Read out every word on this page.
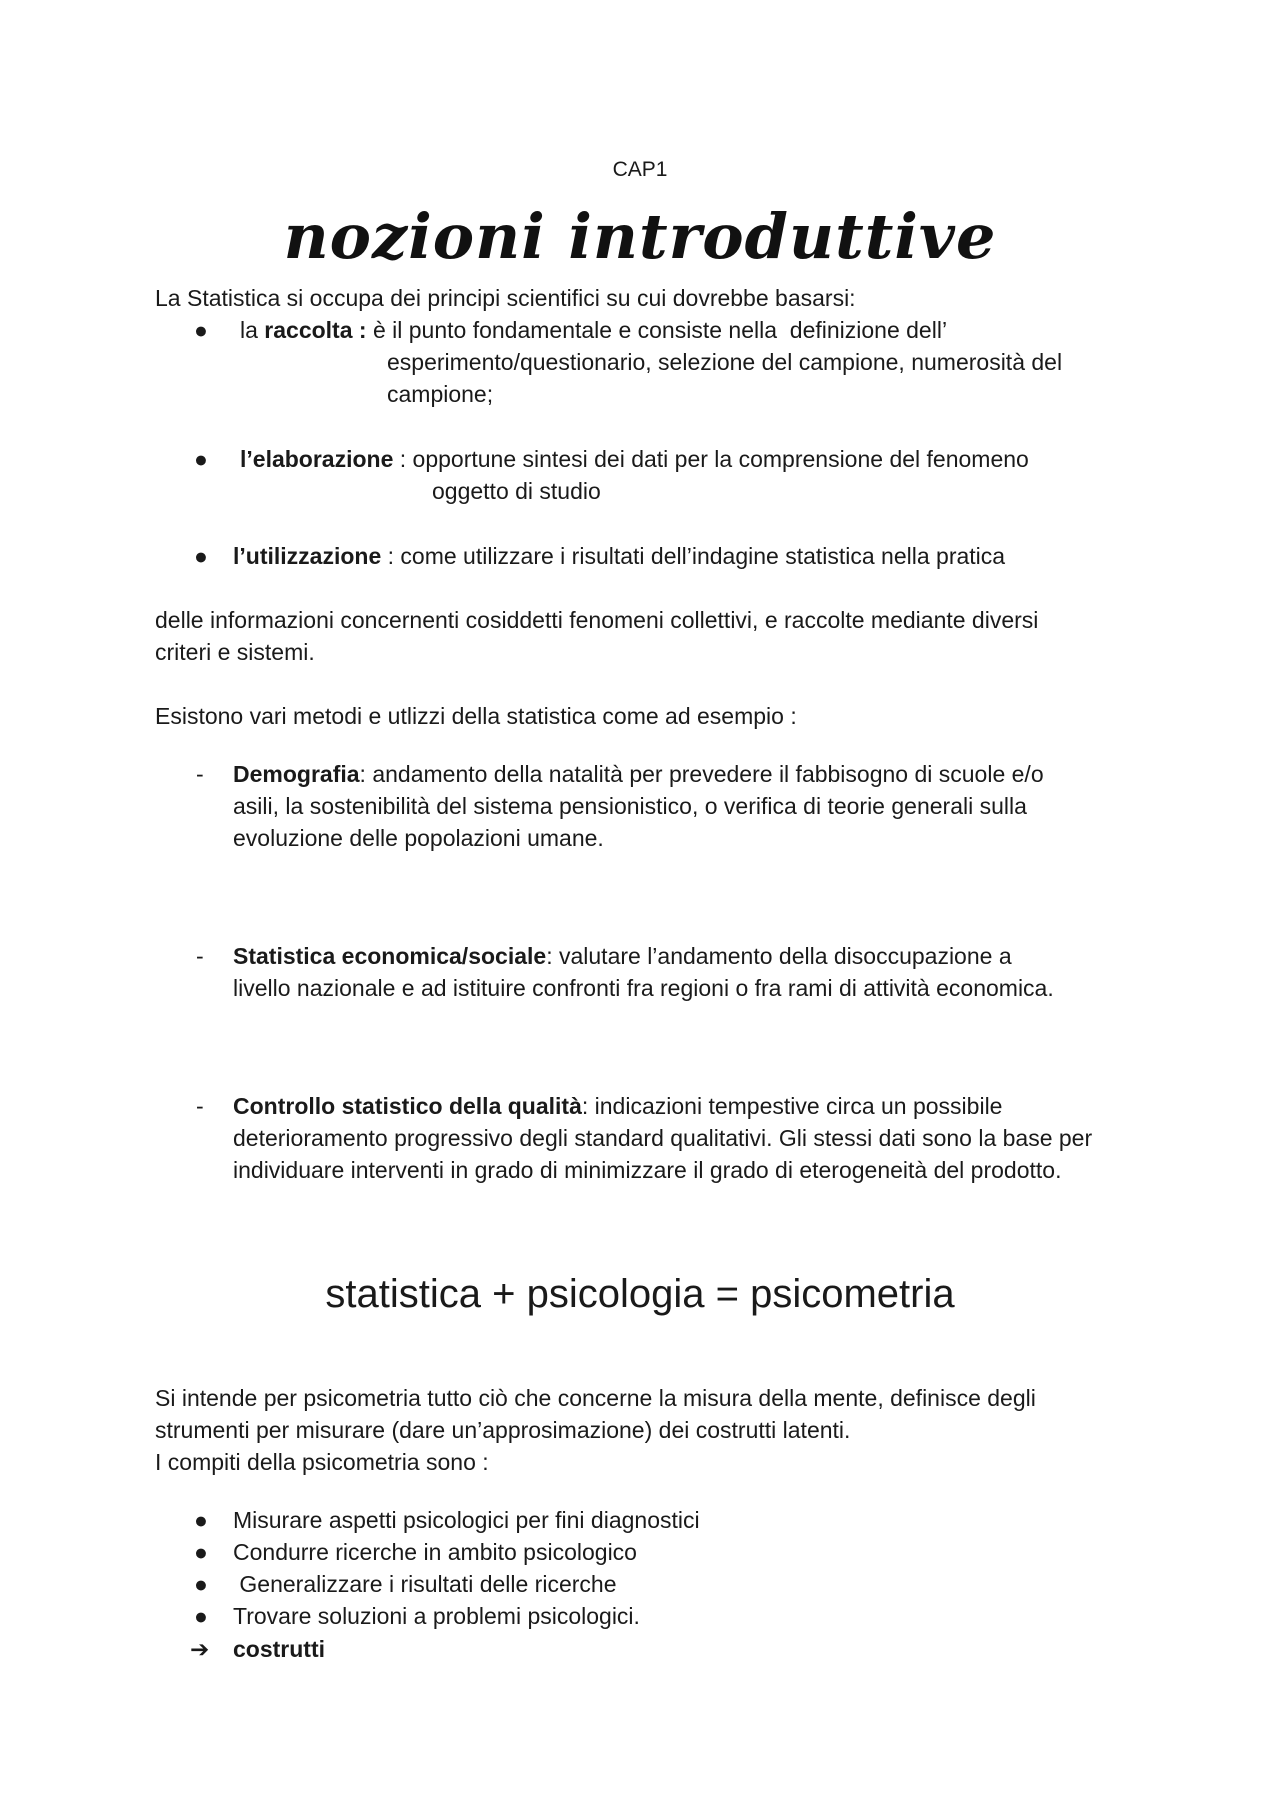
CAP1
nozioni introduttive
La Statistica si occupa dei principi scientifici su cui dovrebbe basarsi:
●	la raccolta : è il punto fondamentale e consiste nella  definizione dell’
esperimento/questionario, selezione del campione, numerosità del
campione;
●	l’elaborazione : opportune sintesi dei dati per la comprensione del fenomeno
oggetto di studio
●	l’utilizzazione : come utilizzare i risultati dell’indagine statistica nella pratica
delle informazioni concernenti cosiddetti fenomeni collettivi, e raccolte mediante diversi
criteri e sistemi.
Esistono vari metodi e utlizzi della statistica come ad esempio :
- Demografia: andamento della natalità per prevedere il fabbisogno di scuole e/o
asili, la sostenibilità del sistema pensionistico, o verifica di teorie generali sulla
evoluzione delle popolazioni umane.
- Statistica economica/sociale: valutare l’andamento della disoccupazione a
livello nazionale e ad istituire confronti fra regioni o fra rami di attività economica.
- Controllo statistico della qualità: indicazioni tempestive circa un possibile
deterioramento progressivo degli standard qualitativi. Gli stessi dati sono la base per
individuare interventi in grado di minimizzare il grado di eterogeneità del prodotto.
statistica + psicologia = psicometria
Si intende per psicometria tutto ciò che concerne la misura della mente, definisce degli
strumenti per misurare (dare un’approsimazione) dei costrutti latenti.
I compiti della psicometria sono :
●	Misurare aspetti psicologici per fini diagnostici
●	Condurre ricerche in ambito psicologico
●	Generalizzare i risultati delle ricerche
●	Trovare soluzioni a problemi psicologici.
➔ costrutti
